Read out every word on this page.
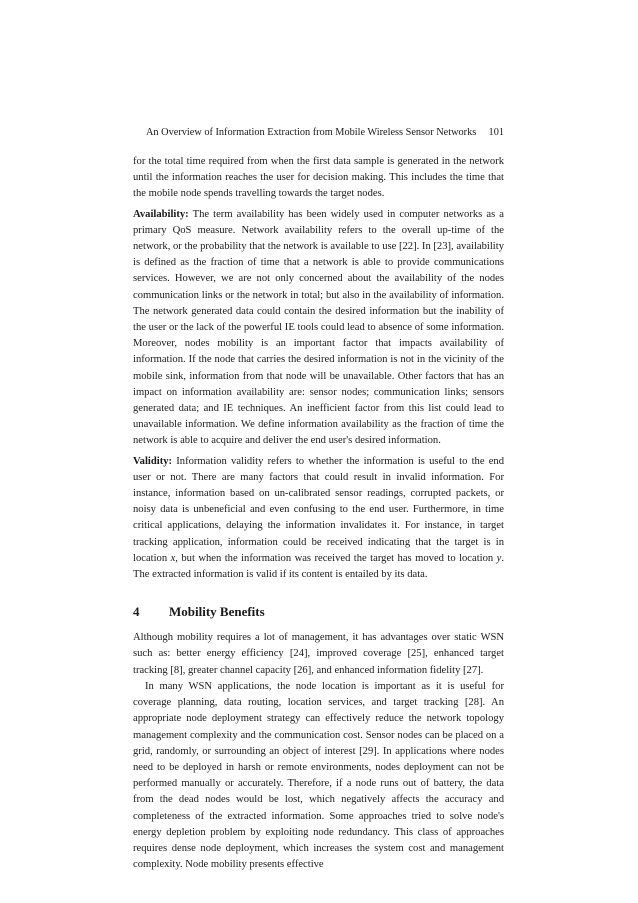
An Overview of Information Extraction from Mobile Wireless Sensor Networks 101

for the total time required from when the first data sample is generated in the network until the information reaches the user for decision making. This includes the time that the mobile node spends travelling towards the target nodes.

Availability: The term availability has been widely used in computer networks as a primary QoS measure. Network availability refers to the overall up-time of the network, or the probability that the network is available to use [22]. In [23], availability is defined as the fraction of time that a network is able to provide communications services. However, we are not only concerned about the availability of the nodes communication links or the network in total; but also in the availability of information. The network generated data could contain the desired information but the inability of the user or the lack of the powerful IE tools could lead to absence of some information. Moreover, nodes mobility is an important factor that impacts availability of information. If the node that carries the desired information is not in the vicinity of the mobile sink, information from that node will be unavailable. Other factors that has an impact on information availability are: sensor nodes; communication links; sensors generated data; and IE techniques. An inefficient factor from this list could lead to unavailable information. We define information availability as the fraction of time the network is able to acquire and deliver the end user's desired information.

Validity: Information validity refers to whether the information is useful to the end user or not. There are many factors that could result in invalid information. For instance, information based on un-calibrated sensor readings, corrupted packets, or noisy data is unbeneficial and even confusing to the end user. Furthermore, in time critical applications, delaying the information invalidates it. For instance, in target tracking application, information could be received indicating that the target is in location x, but when the information was received the target has moved to location y. The extracted information is valid if its content is entailed by its data.

4 Mobility Benefits

Although mobility requires a lot of management, it has advantages over static WSN such as: better energy efficiency [24], improved coverage [25], enhanced target tracking [8], greater channel capacity [26], and enhanced information fidelity [27].

In many WSN applications, the node location is important as it is useful for coverage planning, data routing, location services, and target tracking [28]. An appropriate node deployment strategy can effectively reduce the network topology management complexity and the communication cost. Sensor nodes can be placed on a grid, randomly, or surrounding an object of interest [29]. In applications where nodes need to be deployed in harsh or remote environments, nodes deployment can not be performed manually or accurately. Therefore, if a node runs out of battery, the data from the dead nodes would be lost, which negatively affects the accuracy and completeness of the extracted information. Some approaches tried to solve node's energy depletion problem by exploiting node redundancy. This class of approaches requires dense node deployment, which increases the system cost and management complexity. Node mobility presents effective
